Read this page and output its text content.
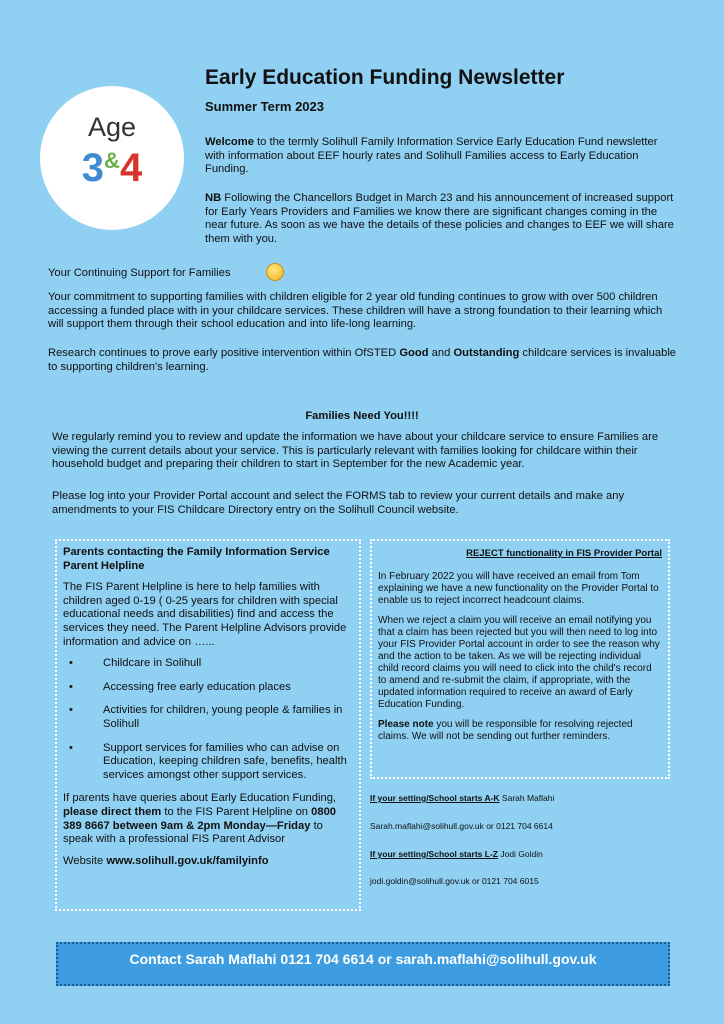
Early Education Funding Newsletter
Summer Term 2023
Age
3&4

Welcome to the termly Solihull Family Information Service Early Education Fund newsletter with information about EEF hourly rates and Solihull Families access to Early Education Funding.

NB Following the Chancellors Budget in March 23 and his announcement of increased support for Early Years Providers and Families we know there are significant changes coming in the near future. As soon as we have the details of these policies and changes to EEF we will share them with you.

Your Continuing Support for Families

Your commitment to supporting families with children eligible for 2 year old funding continues to grow with over 500 children accessing a funded place with in your childcare services. These children will have a strong foundation to their learning which will support them through their school education and into life-long learning.

Research continues to prove early positive intervention within OfSTED Good and Outstanding childcare services is invaluable to supporting children's learning.

Families Need You!!!!

We regularly remind you to review and update the information we have about your childcare service to ensure Families are viewing the current details about your service. This is particularly relevant with families looking for childcare within their household budget and preparing their children to start in September for the new Academic year.

Please log into your Provider Portal account and select the FORMS tab to review your current details and make any amendments to your FIS Childcare Directory entry on the Solihull Council website.

Parents contacting the Family Information Service Parent Helpline

The FIS Parent Helpline is here to help families with children aged 0-19 ( 0-25 years for children with special educational needs and disabilities) find and access the services they need. The Parent Helpline Advisors provide information and advice on …...

• Childcare in Solihull
• Accessing free early education places
• Activities for children, young people & families in Solihull
• Support services for families who can advise on Education, keeping children safe, benefits, health services amongst other support services.

If parents have queries about Early Education Funding, please direct them to the FIS Parent Helpline on 0800 389 8667 between 9am & 2pm Monday—Friday to speak with a professional FIS Parent Advisor

Website www.solihull.gov.uk/familyinfo

REJECT functionality in FIS Provider Portal

In February 2022 you will have received an email from Tom explaining we have a new functionality on the Provider Portal to enable us to reject incorrect headcount claims.

When we reject a claim you will receive an email notifying you that a claim has been rejected but you will then need to log into your FIS Provider Portal account in order to see the reason why and the action to be taken. As we will be rejecting individual child record claims you will need to click into the child's record to amend and re-submit the claim, if appropriate, with the updated information required to receive an award of Early Education Funding.

Please note you will be responsible for resolving rejected claims. We will not be sending out further reminders.

If your setting/School starts A-K Sarah Maflahi
Sarah.maflahi@solihull.gov.uk or 0121 704 6614
If your setting/School starts L-Z Jodi Goldin
jodi.goldin@solihull.gov.uk or 0121 704 6015
Contact Sarah Maflahi 0121 704 6614 or sarah.maflahi@solihull.gov.uk
